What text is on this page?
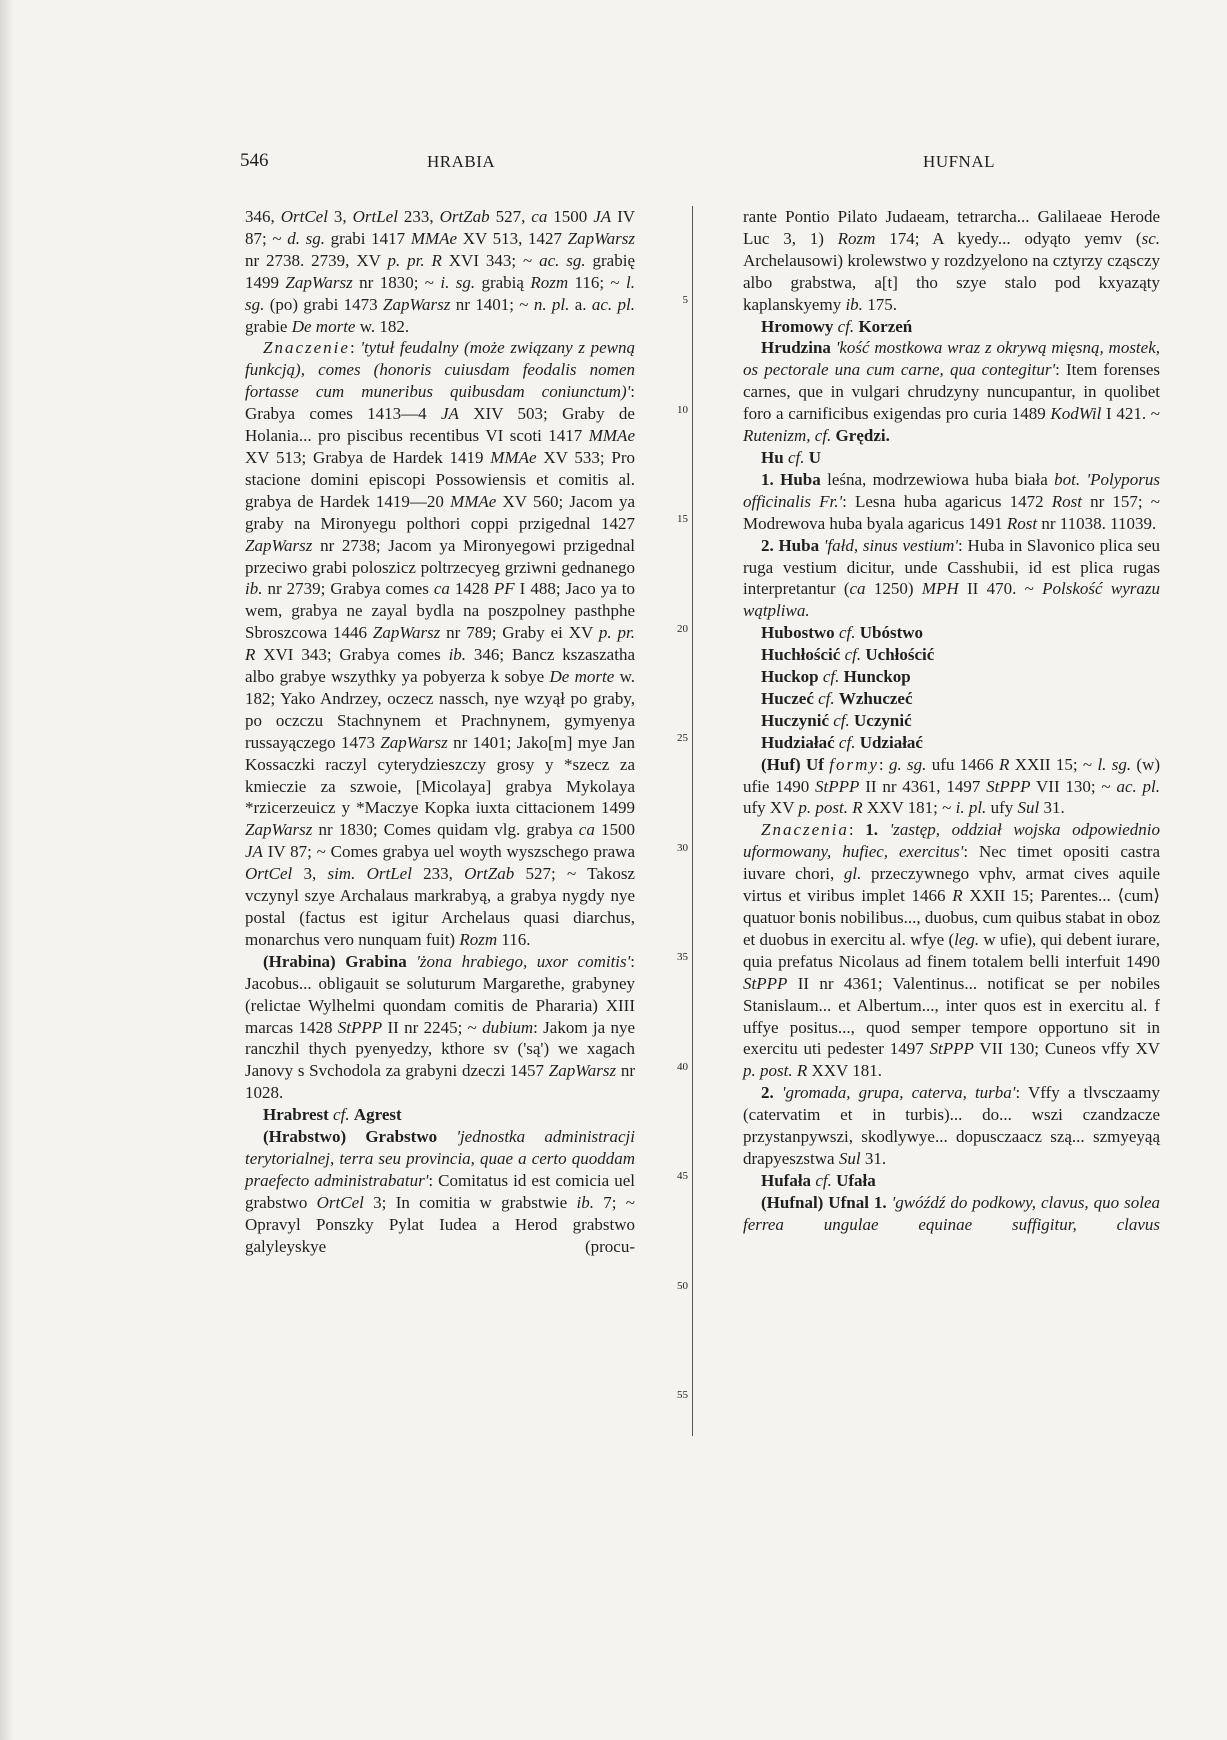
546	HRABIA	HUFNAL

346, OrtCel 3, OrtLel 233, OrtZab 527, ca 1500 JA IV 87; ~ d. sg. grabi 1417 MMAe XV 513, 1427 ZapWarsz nr 2738. 2739, XV p. pr. R XVI 343; ~ ac. sg. grabię 1499 ZapWarsz nr 1830; ~ i. sg. grabią Rozm 116; ~ l. sg. (po) grabi 1473 ZapWarsz nr 1401; ~ n. pl. a. ac. pl. grabie De morte w. 182.

Znaczenie: 'tytuł feudalny (może związany z pewną funkcją), comes (honoris cuiusdam feodalis nomen fortasse cum muneribus quibusdam coniunctum)': Grabya comes 1413—4 JA XIV 503; Graby de Holania... pro piscibus recentibus VI scoti 1417 MMAe XV 513; Grabya de Hardek 1419 MMAe XV 533; Pro stacione domini episcopi Possowiensis et comitis al. grabya de Hardek 1419—20 MMAe XV 560; Jacom ya graby na Mironyegu polthori coppi przigednal 1427 ZapWarsz nr 2738; Jacom ya Mironyegowi przigednal przeciwo grabi poloszicz poltrzecyeg grziwni gednanego ib. nr 2739; Grabya comes ca 1428 PF I 488; Jaco ya to wem, grabya ne zayal bydla na poszpolney pasthphe Sbroszcowa 1446 ZapWarsz nr 789; Graby ei XV p. pr. R XVI 343; Grabya comes ib. 346; Bancz kszaszatha albo grabye wszythky ya pobyerza k sobye De morte w. 182; Yako Andrzey, oczecz nassch, nye wzyął po graby, po oczczu Stachnynem et Prachnynem, gymyenya russayączego 1473 ZapWarsz nr 1401; Jako[m] mye Jan Kossaczki raczyl cyterydzieszczy grosy y *szecz za kmieczie za szwoie, [Micolaya] grabya Mykolaya *rzicerzeuicz y *Maczye Kopka iuxta cittacionem 1499 ZapWarsz nr 1830; Comes quidam vlg. grabya ca 1500 JA IV 87; ~ Comes grabya uel woyth wyszschego prawa OrtCel 3, sim. OrtLel 233, OrtZab 527; ~ Takosz vczynyl szye Archalaus markrabyą, a grabya nygdy nye postal (factus est igitur Archelaus quasi diarchus, monarchus vero nunquam fuit) Rozm 116.

(Hrabina) Grabina 'żona hrabiego, uxor comitis': Jacobus... obligauit se soluturum Margarethe, grabyney (relictae Wylhelmi quondam comitis de Phararia) XIII marcas 1428 StPPP II nr 2245; ~ dubium: Jakom ja nye ranczhil thych pyenyedzy, kthore sv ('są') we xagach Janovy s Svchodola za grabyni dzeczi 1457 ZapWarsz nr 1028.

Hrabrest cf. Agrest

(Hrabstwo) Grabstwo 'jednostka administracji terytorialnej, terra seu provincia, quae a certo quoddam praefecto administrabatur': Comitatus id est comicia uel grabstwo OrtCel 3; In comitia w grabstwie ib. 7; ~ Opravyl Ponszky Pylat Iudea a Herod grabstwo galyleyskye (procu-

5
10
15
20
25
30
35
40
45
50
55

rante Pontio Pilato Judaeam, tetrarcha... Galilaeae Herode Luc 3, 1) Rozm 174; A kyedy... odyąto yemv (sc. Archelausowi) krolewstwo y rozdzyelono na cztyrzy cząsczy albo grabstwa, a[t] tho szye stalo pod kxyaząty kaplanskyemy ib. 175.

Hromowy cf. Korzeń

Hrudzina 'kość mostkowa wraz z okrywą mięsną, mostek, os pectorale una cum carne, qua contegitur': Item forenses carnes, que in vulgari chrudzyny nuncupantur, in quolibet foro a carnificibus exigendas pro curia 1489 KodWil I 421. ~ Rutenizm, cf. Grędzi.

Hu cf. U

1. Huba leśna, modrzewiowa huba biała bot. 'Polyporus officinalis Fr.': Lesna huba agaricus 1472 Rost nr 157; ~ Modrewova huba byala agaricus 1491 Rost nr 11038. 11039.

2. Huba 'fałd, sinus vestium': Huba in Slavonico plica seu ruga vestium dicitur, unde Casshubii, id est plica rugas interpretantur (ca 1250) MPH II 470. ~ Polskość wyrazu wątpliwa.

Hubostwo cf. Ubóstwo

Huchłościć cf. Uchłościć

Huckop cf. Hunckop

Huczeć cf. Wzhuczeć

Huczynić cf. Uczynić

Hudziałać cf. Udziałać

(Huf) Uf formy: g. sg. ufu 1466 R XXII 15; ~ l. sg. (w) ufie 1490 StPPP II nr 4361, 1497 StPPP VII 130; ~ ac. pl. ufy XV p. post. R XXV 181; ~ i. pl. ufy Sul 31.

Znaczenia: 1. 'zastęp, oddział wojska odpowiednio uformowany, hufiec, exercitus': Nec timet opositi castra iuvare chori, gl. przeczywnego vphv, armat cives aquile virtus et viribus implet 1466 R XXII 15; Parentes... ⟨cum⟩ quatuor bonis nobilibus..., duobus, cum quibus stabat in oboz et duobus in exercitu al. wfye (leg. w ufie), qui debent iurare, quia prefatus Nicolaus ad finem totalem belli interfuit 1490 StPPP II nr 4361; Valentinus... notificat se per nobiles Stanislaum... et Albertum..., inter quos est in exercitu al. f uffye positus..., quod semper tempore opportuno sit in exercitu uti pedester 1497 StPPP VII 130; Cuneos vffy XV p. post. R XXV 181.

2. 'gromada, grupa, caterva, turba': Vffy a tlvsczaamy (catervatim et in turbis)... do... wszi czandzacze przystanpywszi, skodlywye... dopusczaacz szą... szmyeyąą drapyeszstwa Sul 31.

Hufała cf. Ufała

(Hufnal) Ufnal 1. 'gwóźdź do podkowy, clavus, quo solea ferrea ungulae equinae suffigitur, clavus
